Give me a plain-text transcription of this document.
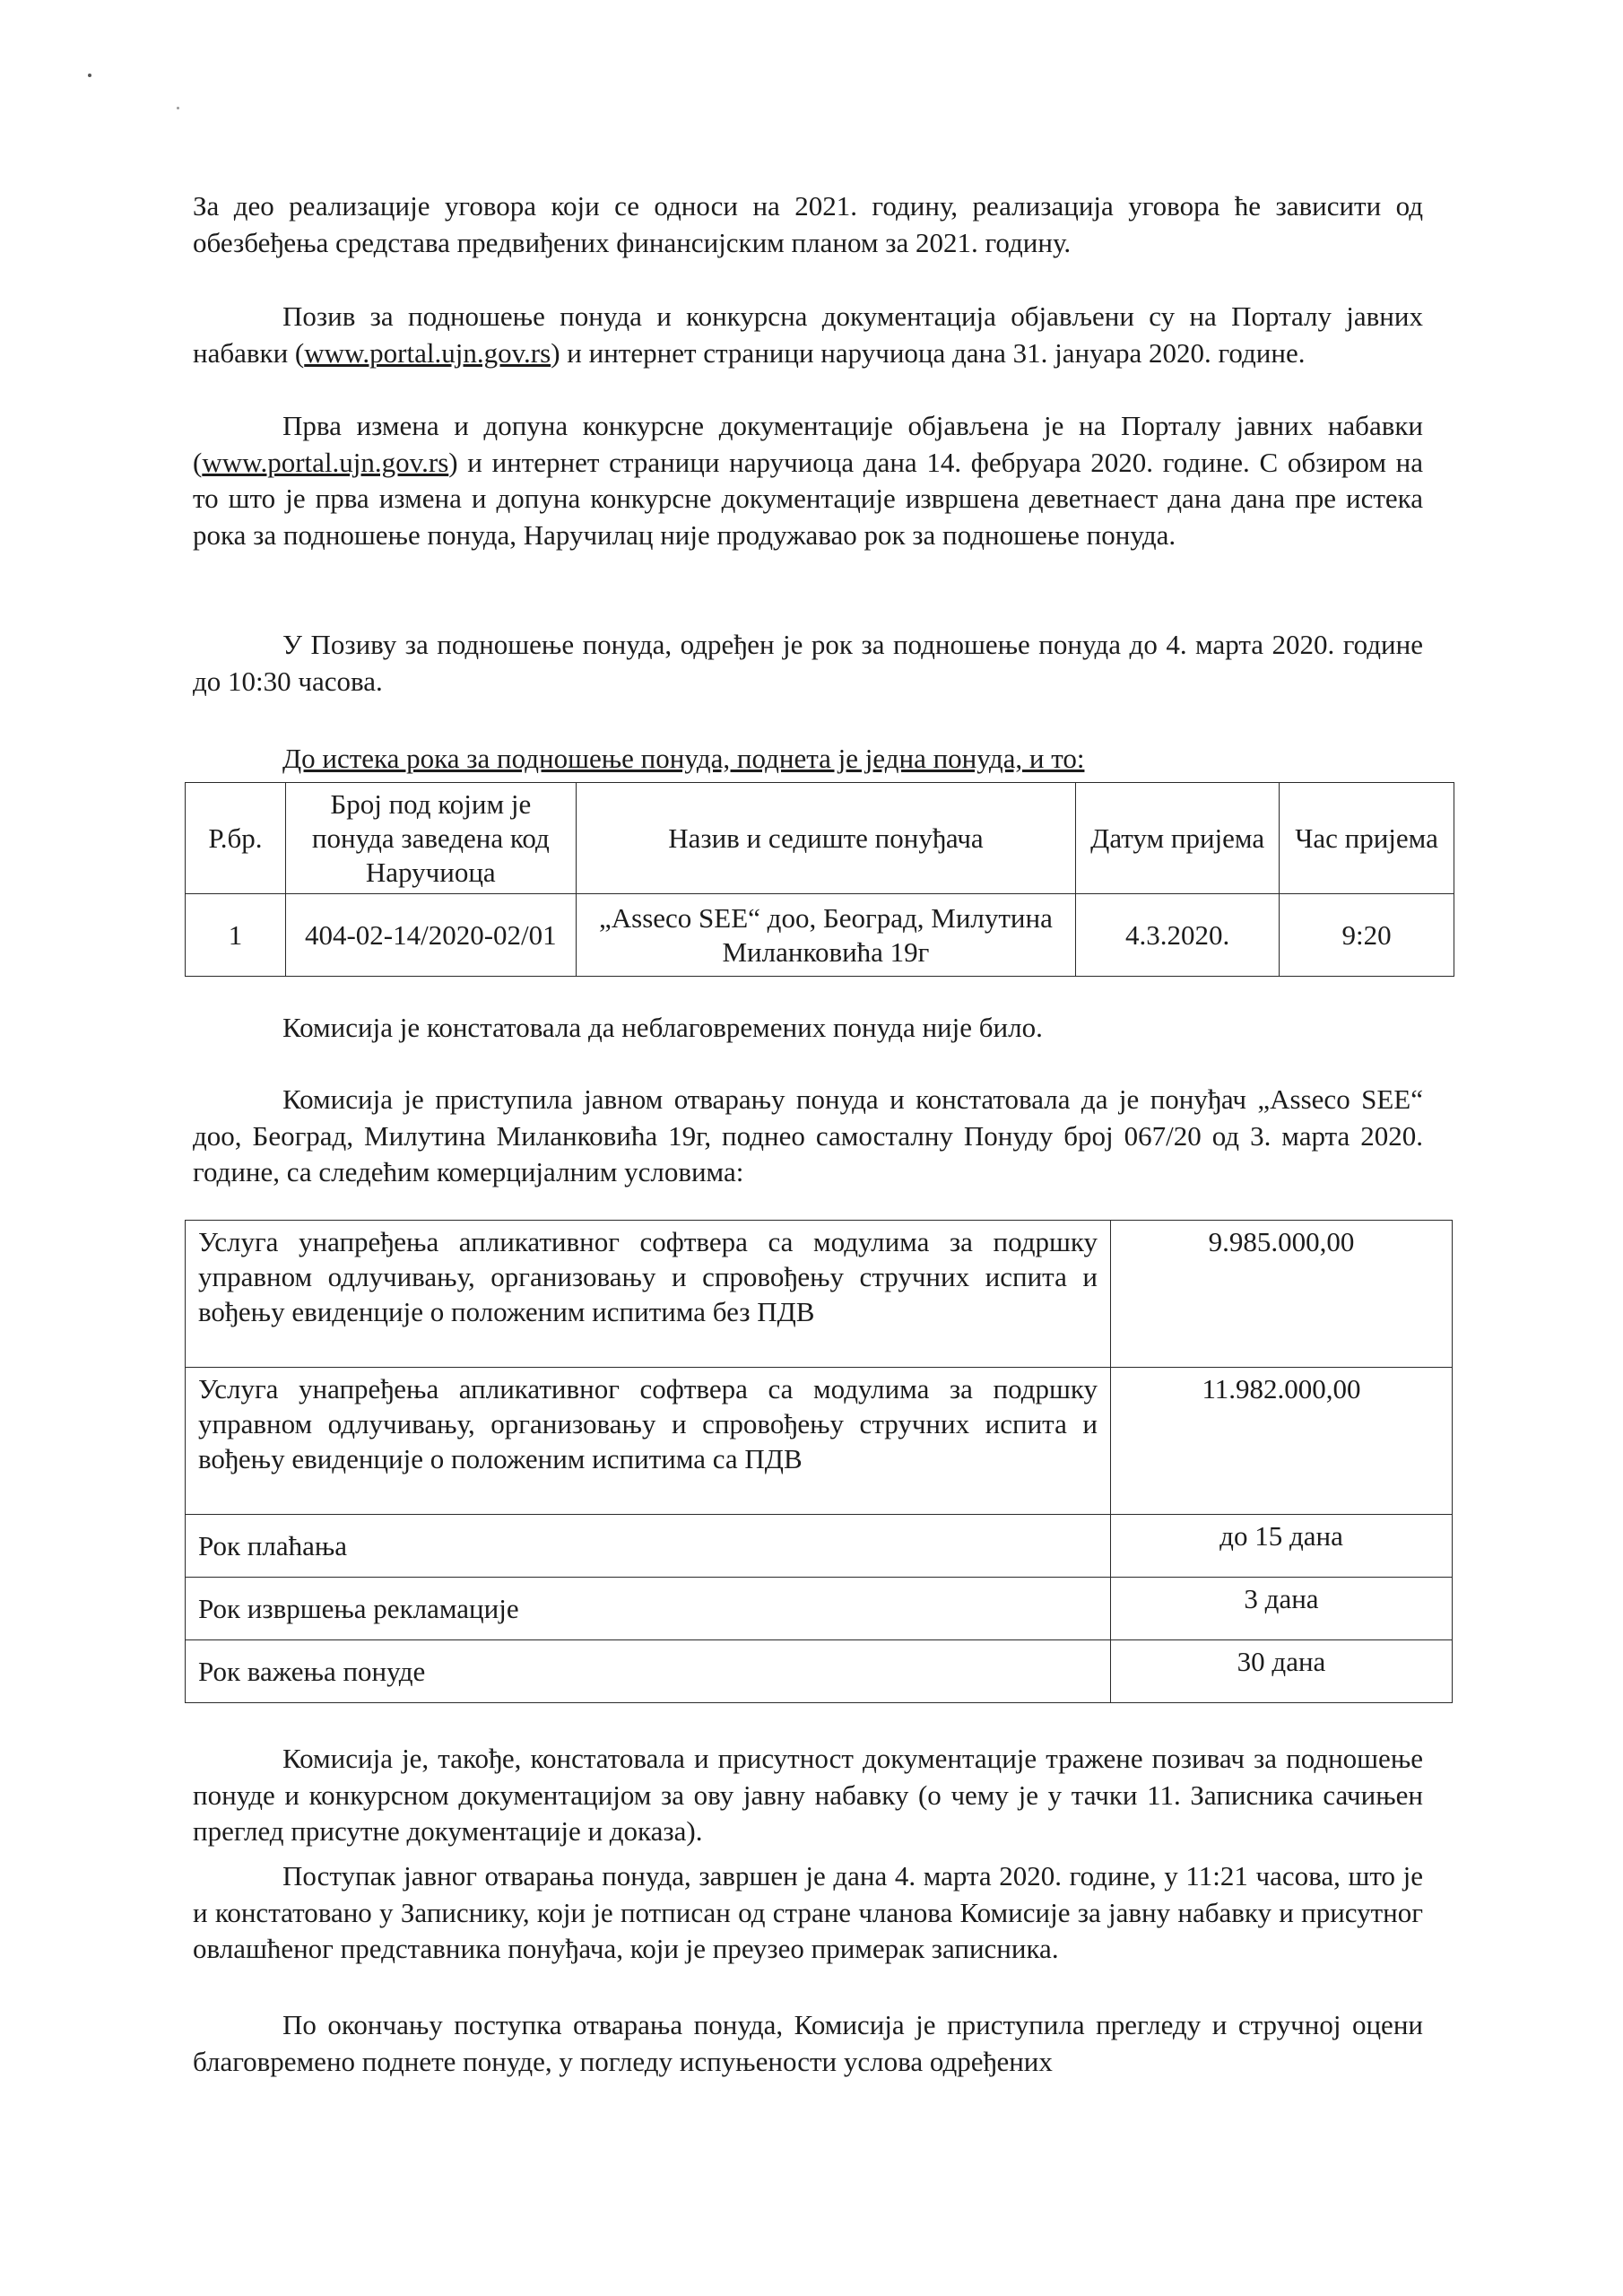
За део реализације уговора који се односи на 2021. годину, реализација уговора ће зависити од обезбеђења средстава предвиђених финансијским планом за 2021. годину.

Позив за подношење понуда и конкурсна документација објављени су на Порталу јавних набавки (www.portal.ujn.gov.rs) и интернет страници наручиоца дана 31. јануара 2020. године.

Прва измена и допуна конкурсне документације објављена је на Порталу јавних набавки (www.portal.ujn.gov.rs) и интернет страници наручиоца дана 14. фебруара 2020. године. С обзиром на то што је прва измена и допуна конкурсне документације извршена деветнаест дана дана пре истека рока за подношење понуда, Наручилац није продужавао рок за подношење понуда.

У Позиву за подношење понуда, одређен је рок за подношење понуда до 4. марта 2020. године до 10:30 часова.

До истека рока за подношење понуда, поднета је једна понуда, и то:

Р.бр.	Број под којим је понуда заведена код Наручиоца	Назив и седиште понуђача	Датум пријема	Час пријема
1	404-02-14/2020-02/01	„Assecо SEE“ доо, Београд, Милутина Миланковића 19г	4.3.2020.	9:20

Комисија је констатовала да неблаговремених понуда није било.

Комисија је приступила јавном отварању понуда и констатовала да је понуђач „Assecо SEE“ доо, Београд, Милутина Миланковића 19г, поднео самосталну Понуду број 067/20 од 3. марта 2020. године, са следећим комерцијалним условима:

Услуга унапређења апликативног софтвера са модулима за подршку управном одлучивању, организовању и спровођењу стручних испита и вођењу евиденције о положеним испитима без ПДВ	9.985.000,00
Услуга унапређења апликативног софтвера са модулима за подршку управном одлучивању, организовању и спровођењу стручних испита и вођењу евиденције о положеним испитима са ПДВ	11.982.000,00
Рок плаћања	до 15 дана
Рок извршења рекламације	3 дана
Рок важења понуде	30 дана

Комисија је, такође, констатовала и присутност документације тражене позивач за подношење понуде и конкурсном документацијом за ову јавну набавку (о чему је у тачки 11. Записника сачињен преглед присутне документације и доказа).

Поступак јавног отварања понуда, завршен је дана 4. марта 2020. године, у 11:21 часова, што је и констатовано у Записнику, који је потписан од стране чланова Комисије за јавну набавку и присутног овлашћеног представника понуђача, који је преузео примерак записника.

По окончању поступка отварања понуда, Комисија је приступила прегледу и стручној оцени благовремено поднете понуде, у погледу испуњености услова одређених
